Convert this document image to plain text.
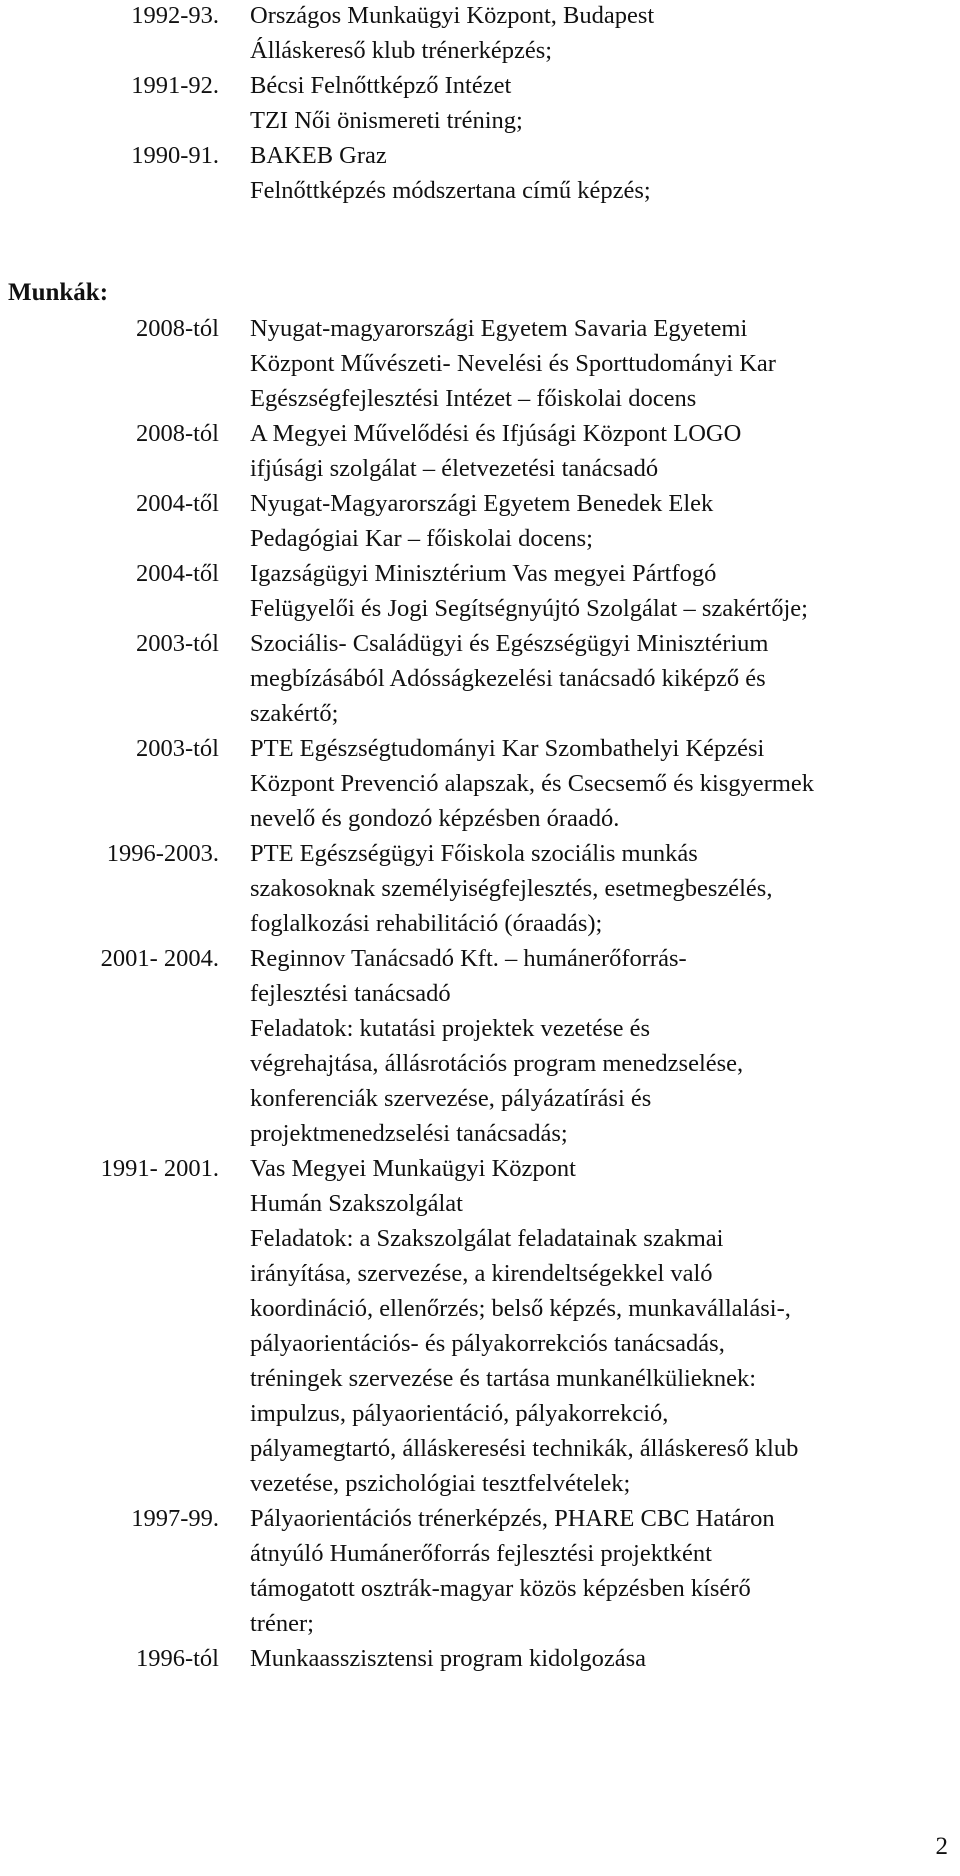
1992-93. Országos Munkaügyi Központ, Budapest
Álláskereső klub trénerképzés;
1991-92. Bécsi Felnőttképző Intézet
TZI Női önismereti tréning;
1990-91. BAKEB Graz
Felnőttképzés módszertana című képzés;
Munkák:
2008-tól Nyugat-magyarországi Egyetem Savaria Egyetemi
Központ Művészeti- Nevelési és Sporttudományi Kar
Egészségfejlesztési Intézet – főiskolai docens
2008-tól A Megyei Művelődési és Ifjúsági Központ LOGO
ifjúsági szolgálat – életvezetési tanácsadó
2004-től Nyugat-Magyarországi Egyetem Benedek Elek
Pedagógiai Kar – főiskolai docens;
2004-től Igazságügyi Minisztérium Vas megyei Pártfogó
Felügyelői és Jogi Segítségnyújtó Szolgálat – szakértője;
2003-tól Szociális- Családügyi és Egészségügyi Minisztérium
megbízásából Adósságkezelési tanácsadó kiképző és
szakértő;
2003-tól PTE Egészségtudományi Kar Szombathelyi Képzési
Központ Prevenció alapszak, és Csecsemő és kisgyermek
nevelő és gondozó képzésben óraadó.
1996-2003. PTE Egészségügyi Főiskola szociális munkás
szakosoknak személyiségfejlesztés, esetmegbeszélés,
foglalkozási rehabilitáció (óraadás);
2001- 2004. Reginnov Tanácsadó Kft. – humánerőforrás-
fejlesztési tanácsadó
Feladatok: kutatási projektek vezetése és
végrehajtása, állásrotációs program menedzselése,
konferenciák szervezése, pályázatírási és
projektmenedzselési tanácsadás;
1991- 2001. Vas Megyei Munkaügyi Központ
Humán Szakszolgálat
Feladatok: a Szakszolgálat feladatainak szakmai
irányítása, szervezése, a kirendeltségekkel való
koordináció, ellenőrzés; belső képzés, munkavállalási-,
pályaorientációs- és pályakorrekciós tanácsadás,
tréningek szervezése és tartása munkanélkülieknek:
impulzus, pályaorientáció, pályakorrekció,
pályamegtartó, álláskeresési technikák, álláskereső klub
vezetése, pszichológiai tesztfelvételek;
1997-99. Pályaorientációs trénerképzés, PHARE CBC Határon
átnyúló Humánerőforrás fejlesztési projektként
támogatott osztrák-magyar közös képzésben kísérő
tréner;
1996-tól Munkaasszisztensi program kidolgozása
2
